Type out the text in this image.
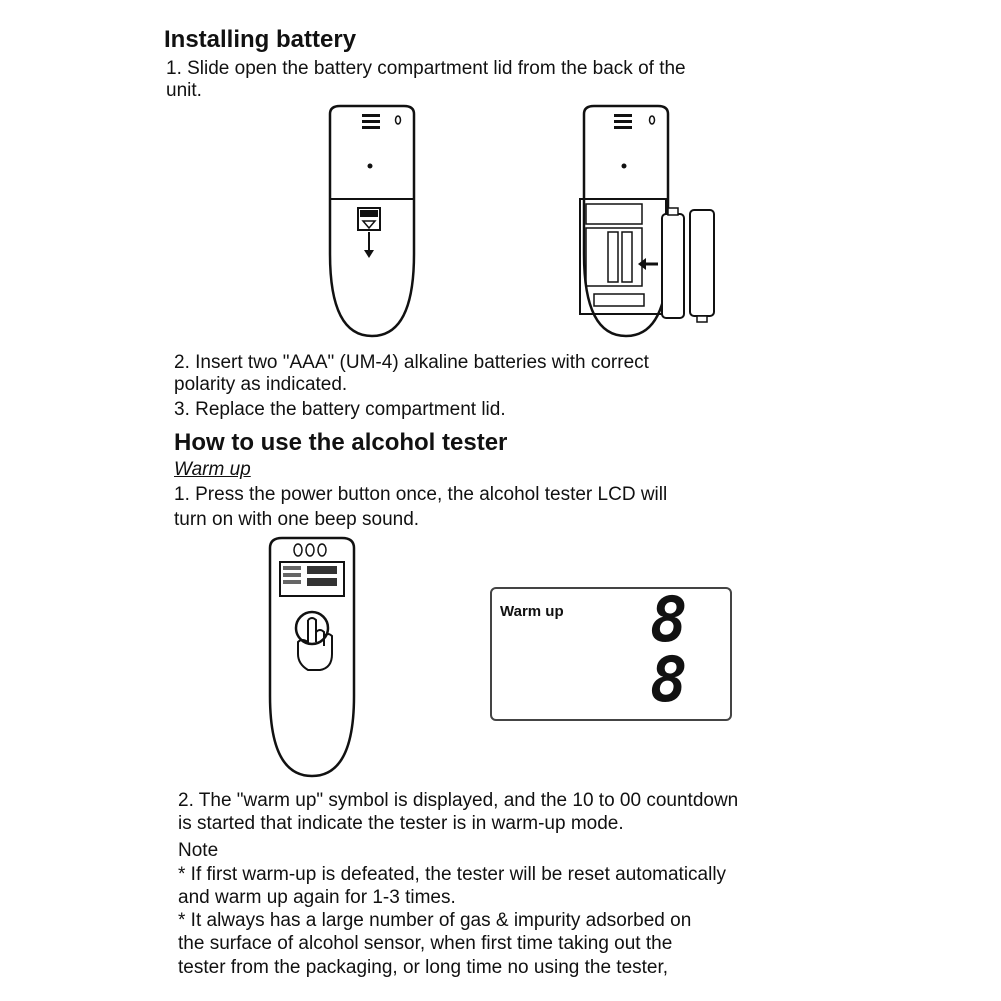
Installing battery
1. Slide open the battery compartment lid from the back of the
unit.
2. Insert two "AAA" (UM-4) alkaline batteries with correct
polarity as indicated.
3. Replace the battery compartment lid.
How to use the alcohol tester
Warm up
1. Press the power button once, the alcohol tester LCD will
turn on with one beep sound.
Warm up 8
8
2. The "warm up" symbol is displayed, and the 10 to 00 countdown
is started that indicate the tester is in warm-up mode.
Note
* If first warm-up is defeated, the tester will be reset automatically
and warm up again for 1-3 times.
* It always has a large number of gas & impurity adsorbed on
the surface of alcohol sensor, when first time taking out the
tester from the packaging, or long time no using the tester,
